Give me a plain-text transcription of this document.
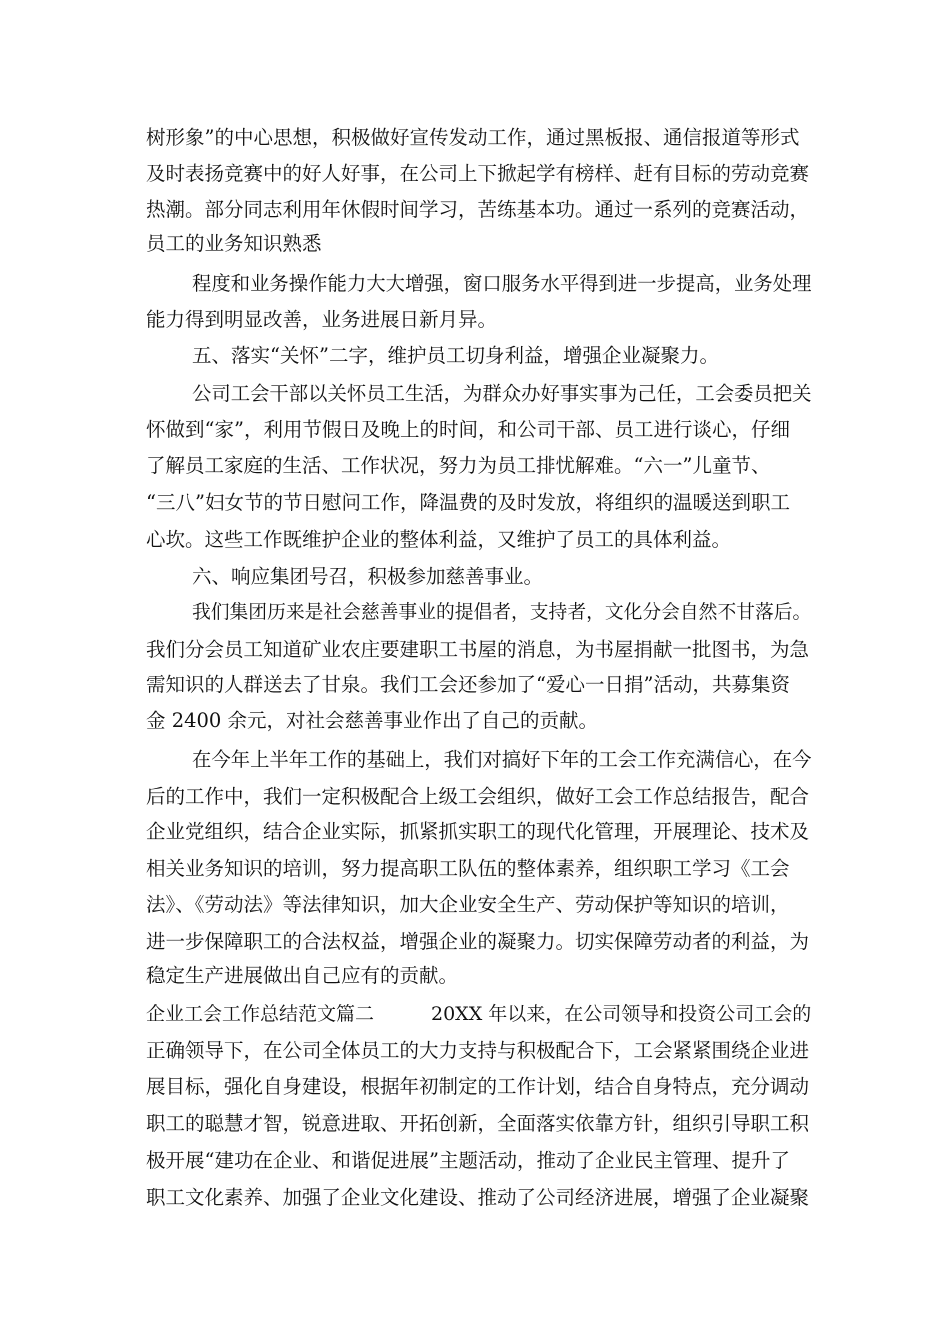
树形象”的中心思想，积极做好宣传发动工作，通过黑板报、通信报道等形式
及时表扬竞赛中的好人好事，在公司上下掀起学有榜样、赶有目标的劳动竞赛
热潮。部分同志利用年休假时间学习，苦练基本功。通过一系列的竞赛活动，
员工的业务知识熟悉
程度和业务操作能力大大增强，窗口服务水平得到进一步提高，业务处理
能力得到明显改善，业务进展日新月异。
五、落实“关怀”二字，维护员工切身利益，增强企业凝聚力。
公司工会干部以关怀员工生活，为群众办好事实事为己任，工会委员把关
怀做到“家”，利用节假日及晚上的时间，和公司干部、员工进行谈心，仔细
了解员工家庭的生活、工作状况，努力为员工排忧解难。“六一”儿童节、
“三八”妇女节的节日慰问工作，降温费的及时发放，将组织的温暖送到职工
心坎。这些工作既维护企业的整体利益，又维护了员工的具体利益。
六、响应集团号召，积极参加慈善事业。
我们集团历来是社会慈善事业的提倡者，支持者，文化分会自然不甘落后。
我们分会员工知道矿业农庄要建职工书屋的消息，为书屋捐献一批图书，为急
需知识的人群送去了甘泉。我们工会还参加了“爱心一日捐”活动，共募集资
金 2400 余元，对社会慈善事业作出了自己的贡献。
在今年上半年工作的基础上，我们对搞好下年的工会工作充满信心，在今
后的工作中，我们一定积极配合上级工会组织，做好工会工作总结报告，配合
企业党组织，结合企业实际，抓紧抓实职工的现代化管理，开展理论、技术及
相关业务知识的培训，努力提高职工队伍的整体素养，组织职工学习《工会
法》、《劳动法》等法律知识，加大企业安全生产、劳动保护等知识的培训，
进一步保障职工的合法权益，增强企业的凝聚力。切实保障劳动者的利益，为
稳定生产进展做出自己应有的贡献。
企业工会工作总结范文篇二　　　20XX 年以来，在公司领导和投资公司工会的
正确领导下，在公司全体员工的大力支持与积极配合下，工会紧紧围绕企业进
展目标，强化自身建设，根据年初制定的工作计划，结合自身特点，充分调动
职工的聪慧才智，锐意进取、开拓创新，全面落实依靠方针，组织引导职工积
极开展“建功在企业、和谐促进展”主题活动，推动了企业民主管理、提升了
职工文化素养、加强了企业文化建设、推动了公司经济进展，增强了企业凝聚
